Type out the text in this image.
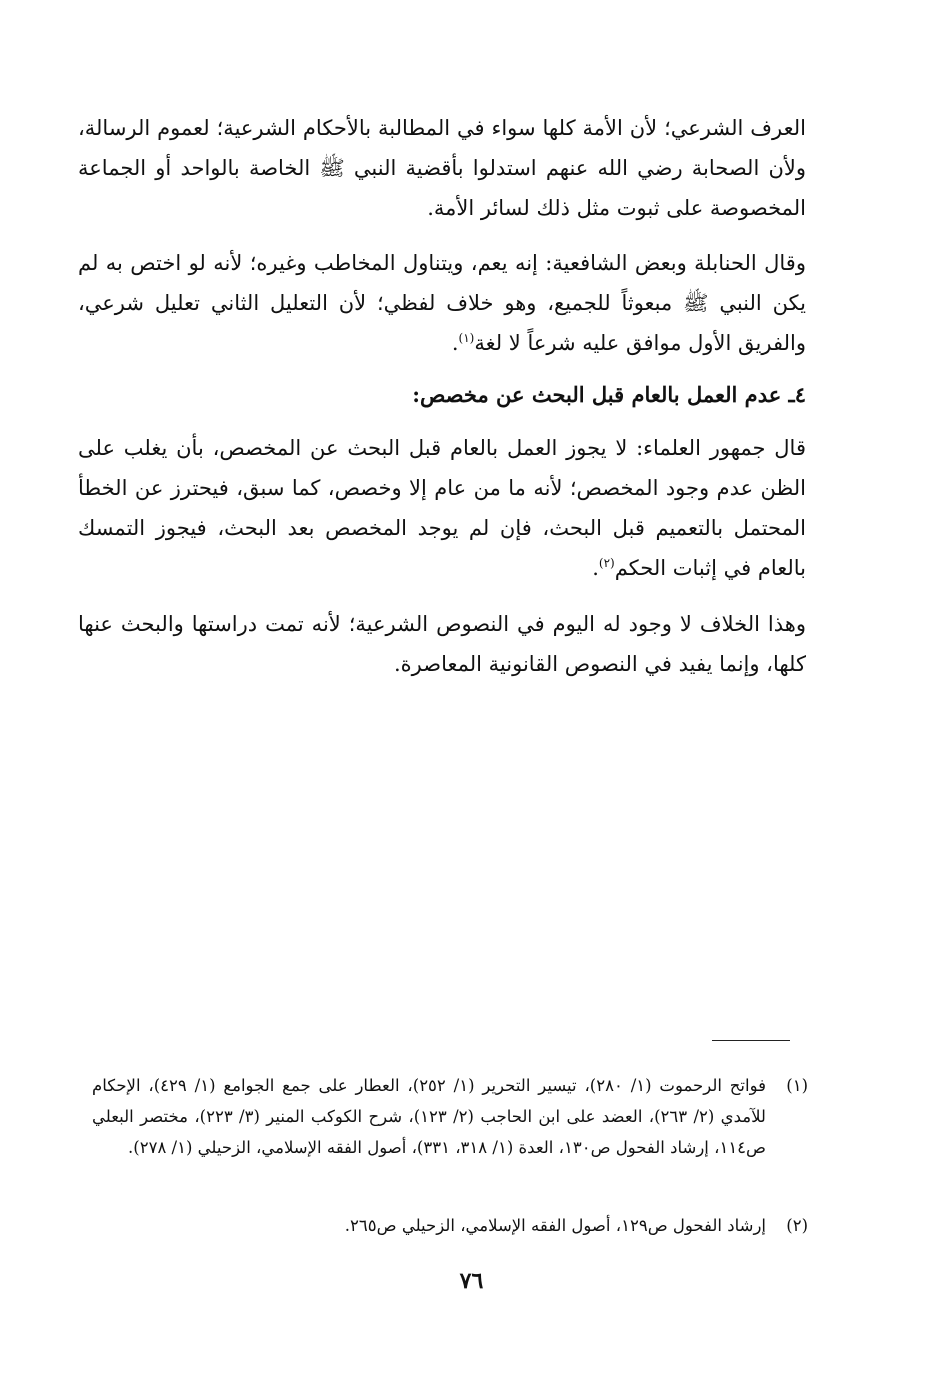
العرف الشرعي؛ لأن الأمة كلها سواء في المطالبة بالأحكام الشرعية؛ لعموم الرسالة، ولأن الصحابة رضي الله عنهم استدلوا بأقضية النبي ﷺ الخاصة بالواحد أو الجماعة المخصوصة على ثبوت مثل ذلك لسائر الأمة.

وقال الحنابلة وبعض الشافعية: إنه يعم، ويتناول المخاطب وغيره؛ لأنه لو اختص به لم يكن النبي ﷺ مبعوثاً للجميع، وهو خلاف لفظي؛ لأن التعليل الثاني تعليل شرعي، والفريق الأول موافق عليه شرعاً لا لغة$^{(١)}$.

٤ـ عدم العمل بالعام قبل البحث عن مخصص:

قال جمهور العلماء: لا يجوز العمل بالعام قبل البحث عن المخصص، بأن يغلب على الظن عدم وجود المخصص؛ لأنه ما من عام إلا وخصص، كما سبق، فيحترز عن الخطأ المحتمل بالتعميم قبل البحث، فإن لم يوجد المخصص بعد البحث، فيجوز التمسك بالعام في إثبات الحكم$^{(٢)}$.

وهذا الخلاف لا وجود له اليوم في النصوص الشرعية؛ لأنه تمت دراستها والبحث عنها كلها، وإنما يفيد في النصوص القانونية المعاصرة.

(١)
فواتح الرحموت (١/ ٢٨٠)، تيسير التحرير (١/ ٢٥٢)، العطار على جمع الجوامع (١/ ٤٢٩)، الإحكام للآمدي (٢/ ٢٦٣)، العضد على ابن الحاجب (٢/ ١٢٣)، شرح الكوكب المنير (٣/ ٢٢٣)، مختصر البعلي ص١١٤، إرشاد الفحول ص١٣٠، العدة (١/ ٣١٨، ٣٣١)، أصول الفقه الإسلامي، الزحيلي (١/ ٢٧٨).
(٢)
إرشاد الفحول ص١٢٩، أصول الفقه الإسلامي، الزحيلي ص٢٦٥.
٧٦
